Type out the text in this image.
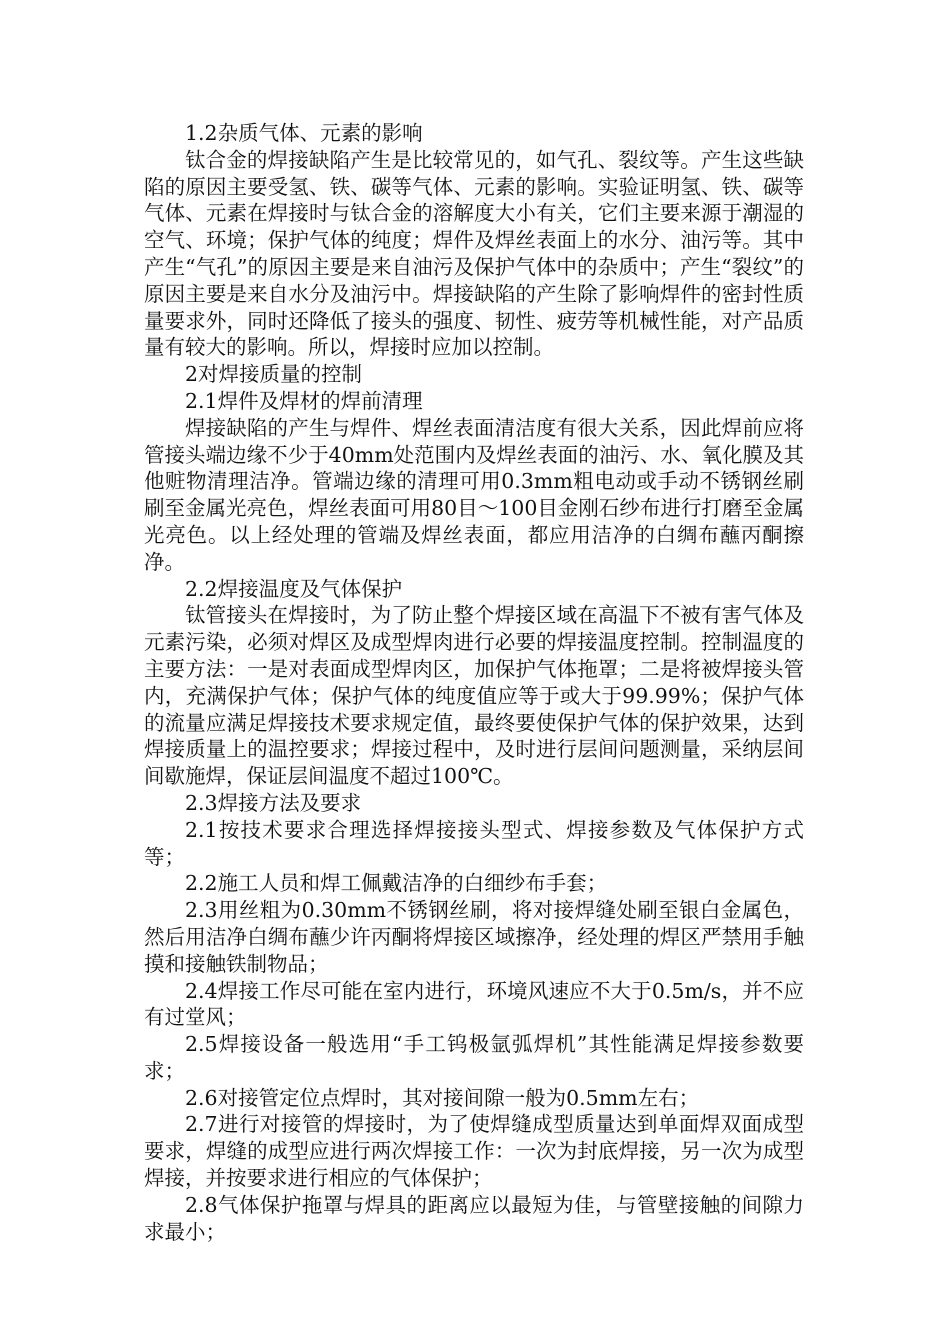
1.2杂质气体、元素的影响

钛合金的焊接缺陷产生是比较常见的，如气孔、裂纹等。产生这些缺陷的原因主要受氢、铁、碳等气体、元素的影响。实验证明氢、铁、碳等气体、元素在焊接时与钛合金的溶解度大小有关，它们主要来源于潮湿的空气、环境；保护气体的纯度；焊件及焊丝表面上的水分、油污等。其中产生“气孔”的原因主要是来自油污及保护气体中的杂质中；产生“裂纹”的原因主要是来自水分及油污中。焊接缺陷的产生除了影响焊件的密封性质量要求外，同时还降低了接头的强度、韧性、疲劳等机械性能，对产品质量有较大的影响。所以，焊接时应加以控制。

2对焊接质量的控制

2.1焊件及焊材的焊前清理

焊接缺陷的产生与焊件、焊丝表面清洁度有很大关系，因此焊前应将管接头端边缘不少于40mm处范围内及焊丝表面的油污、水、氧化膜及其他赃物清理洁净。管端边缘的清理可用0.3mm粗电动或手动不锈钢丝刷刷至金属光亮色，焊丝表面可用80目～100目金刚石纱布进行打磨至金属光亮色。以上经处理的管端及焊丝表面，都应用洁净的白绸布蘸丙酮擦净。

2.2焊接温度及气体保护

钛管接头在焊接时，为了防止整个焊接区域在高温下不被有害气体及元素污染，必须对焊区及成型焊肉进行必要的焊接温度控制。控制温度的主要方法：一是对表面成型焊肉区，加保护气体拖罩；二是将被焊接头管内，充满保护气体；保护气体的纯度值应等于或大于99.99%；保护气体的流量应满足焊接技术要求规定值，最终要使保护气体的保护效果，达到焊接质量上的温控要求；焊接过程中，及时进行层间问题测量，采纳层间间歇施焊，保证层间温度不超过100℃。

2.3焊接方法及要求

2.1按技术要求合理选择焊接接头型式、焊接参数及气体保护方式等；

2.2施工人员和焊工佩戴洁净的白细纱布手套；

2.3用丝粗为0.30mm不锈钢丝刷，将对接焊缝处刷至银白金属色，然后用洁净白绸布蘸少许丙酮将焊接区域擦净，经处理的焊区严禁用手触摸和接触铁制物品；

2.4焊接工作尽可能在室内进行，环境风速应不大于0.5m/s，并不应有过堂风；

2.5焊接设备一般选用“手工钨极氩弧焊机”其性能满足焊接参数要求；

2.6对接管定位点焊时，其对接间隙一般为0.5mm左右；

2.7进行对接管的焊接时，为了使焊缝成型质量达到单面焊双面成型要求，焊缝的成型应进行两次焊接工作：一次为封底焊接，另一次为成型焊接，并按要求进行相应的气体保护；

2.8气体保护拖罩与焊具的距离应以最短为佳，与管壁接触的间隙力求最小；
